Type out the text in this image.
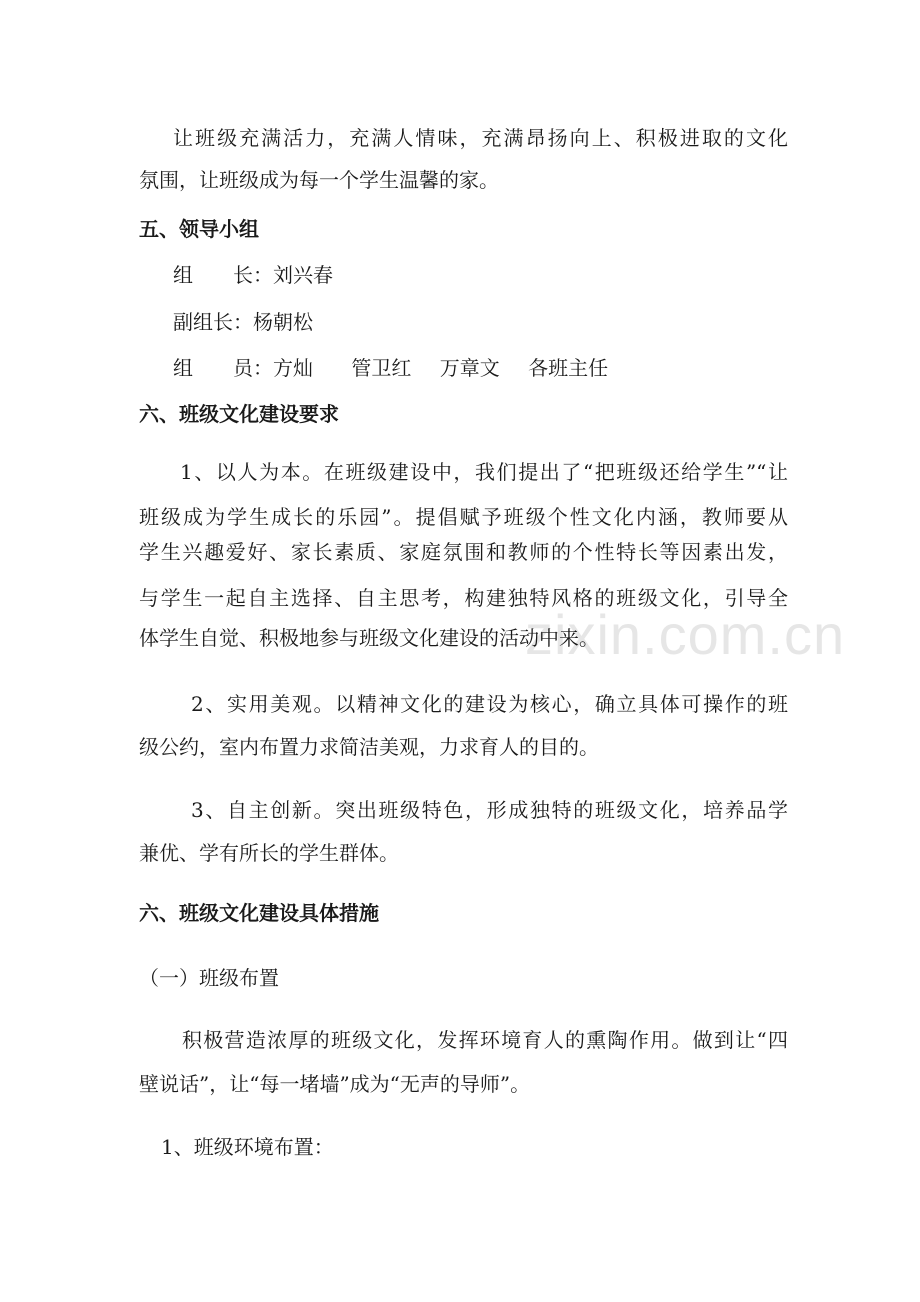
zixin.com.cn
让班级充满活力，充满人情味，充满昂扬向上、积极进取的文化
氛围，让班级成为每一个学生温馨的家。
五、领导小组
组　　长：刘兴春
副组长：杨朝松
组　　员：方灿 管卫红 万章文 各班主任
六、班级文化建设要求
1、以人为本。在班级建设中，我们提出了“把班级还给学生”“让
班级成为学生成长的乐园”。提倡赋予班级个性文化内涵，教师要从
学生兴趣爱好、家长素质、家庭氛围和教师的个性特长等因素出发，
与学生一起自主选择、自主思考，构建独特风格的班级文化，引导全
体学生自觉、积极地参与班级文化建设的活动中来。
2、实用美观。以精神文化的建设为核心，确立具体可操作的班
级公约，室内布置力求简洁美观，力求育人的目的。
3、自主创新。突出班级特色，形成独特的班级文化，培养品学
兼优、学有所长的学生群体。
六、班级文化建设具体措施
（一）班级布置
积极营造浓厚的班级文化，发挥环境育人的熏陶作用。做到让“四
壁说话”，让“每一堵墙”成为“无声的导师”。
1、班级环境布置：
